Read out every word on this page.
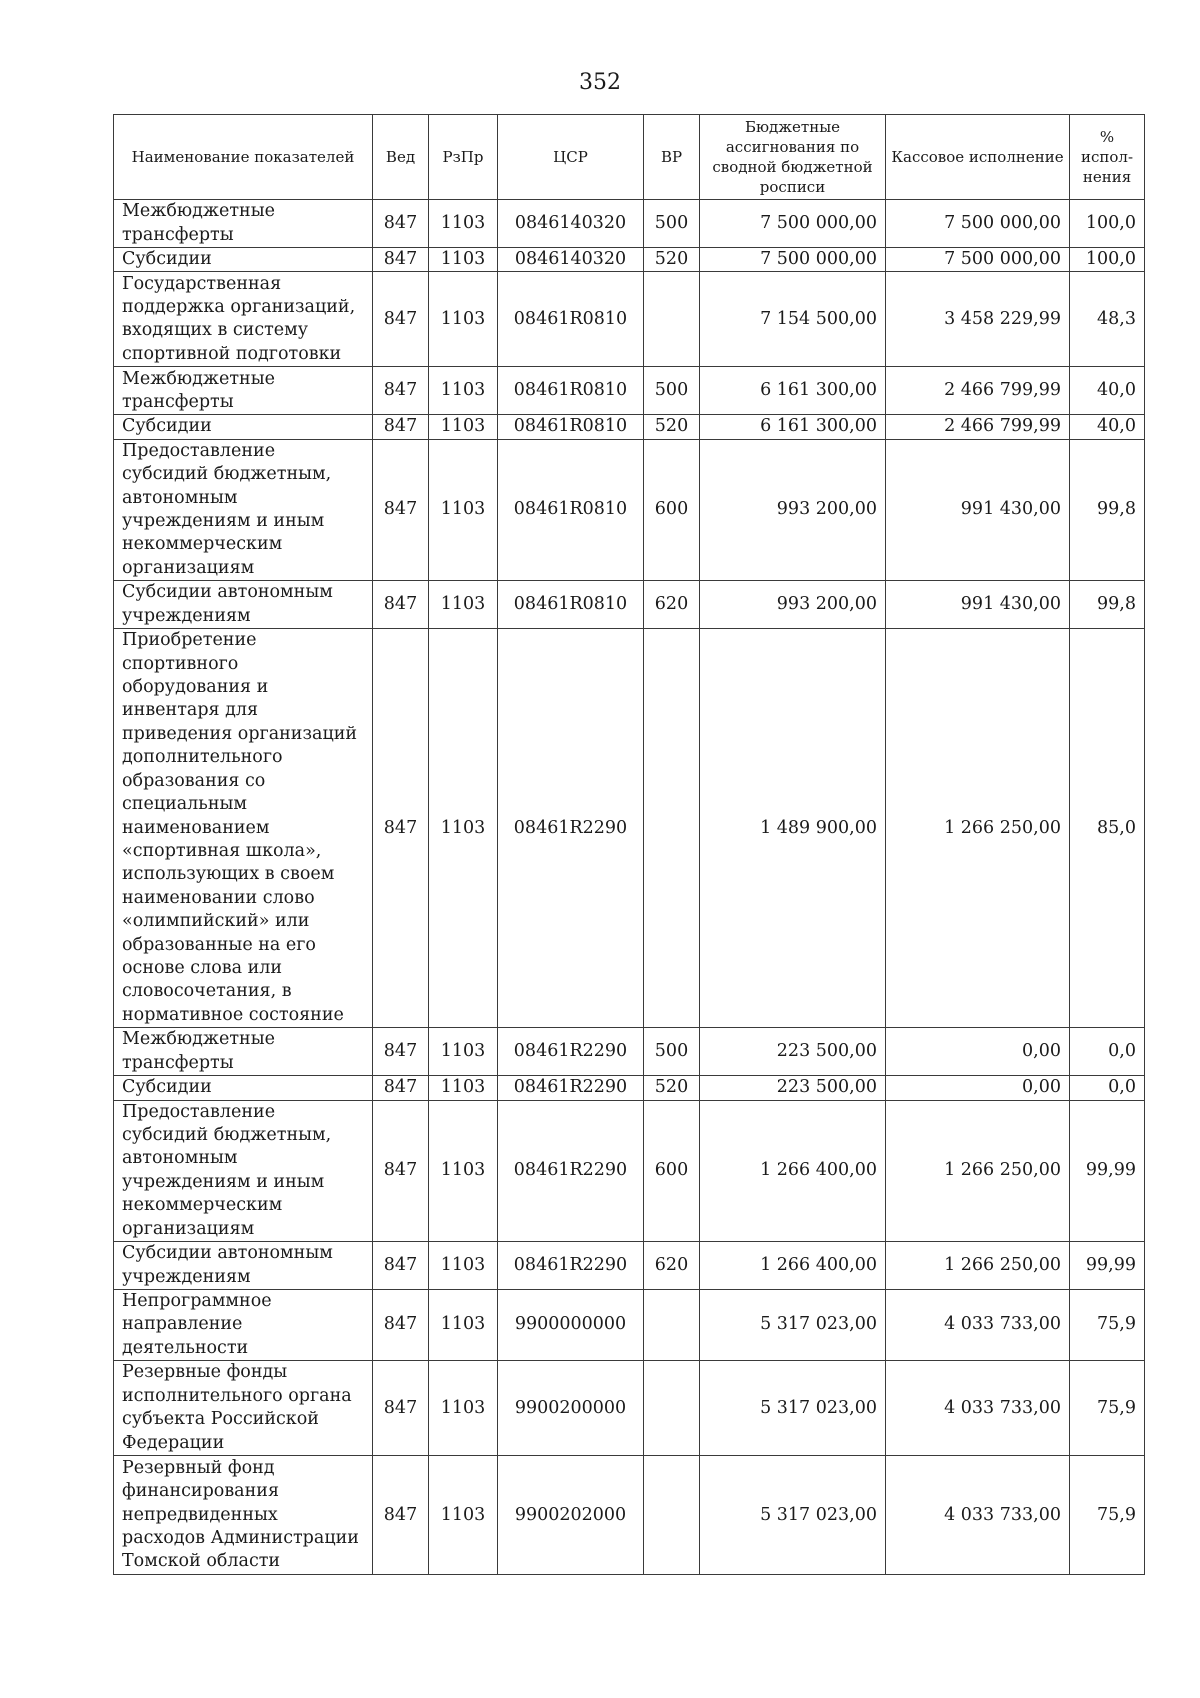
352
Наименование показателей	Вед	РзПр	ЦСР	ВР	Бюджетные ассигнования по сводной бюджетной росписи	Кассовое исполнение	% испол-нения
Межбюджетные трансферты	847	1103	0846140320	500	7 500 000,00	7 500 000,00	100,0
Субсидии	847	1103	0846140320	520	7 500 000,00	7 500 000,00	100,0
Государственная поддержка организаций, входящих в систему спортивной подготовки	847	1103	08461R0810		7 154 500,00	3 458 229,99	48,3
Межбюджетные трансферты	847	1103	08461R0810	500	6 161 300,00	2 466 799,99	40,0
Субсидии	847	1103	08461R0810	520	6 161 300,00	2 466 799,99	40,0
Предоставление субсидий бюджетным, автономным учреждениям и иным некоммерческим организациям	847	1103	08461R0810	600	993 200,00	991 430,00	99,8
Субсидии автономным учреждениям	847	1103	08461R0810	620	993 200,00	991 430,00	99,8
Приобретение спортивного оборудования и инвентаря для приведения организаций дополнительного образования со специальным наименованием «спортивная школа», использующих в своем наименовании слово «олимпийский» или образованные на его основе слова или словосочетания, в нормативное состояние	847	1103	08461R2290		1 489 900,00	1 266 250,00	85,0
Межбюджетные трансферты	847	1103	08461R2290	500	223 500,00	0,00	0,0
Субсидии	847	1103	08461R2290	520	223 500,00	0,00	0,0
Предоставление субсидий бюджетным, автономным учреждениям и иным некоммерческим организациям	847	1103	08461R2290	600	1 266 400,00	1 266 250,00	99,99
Субсидии автономным учреждениям	847	1103	08461R2290	620	1 266 400,00	1 266 250,00	99,99
Непрограммное направление деятельности	847	1103	9900000000		5 317 023,00	4 033 733,00	75,9
Резервные фонды исполнительного органа субъекта Российской Федерации	847	1103	9900200000		5 317 023,00	4 033 733,00	75,9
Резервный фонд финансирования непредвиденных расходов Администрации Томской области	847	1103	9900202000		5 317 023,00	4 033 733,00	75,9
